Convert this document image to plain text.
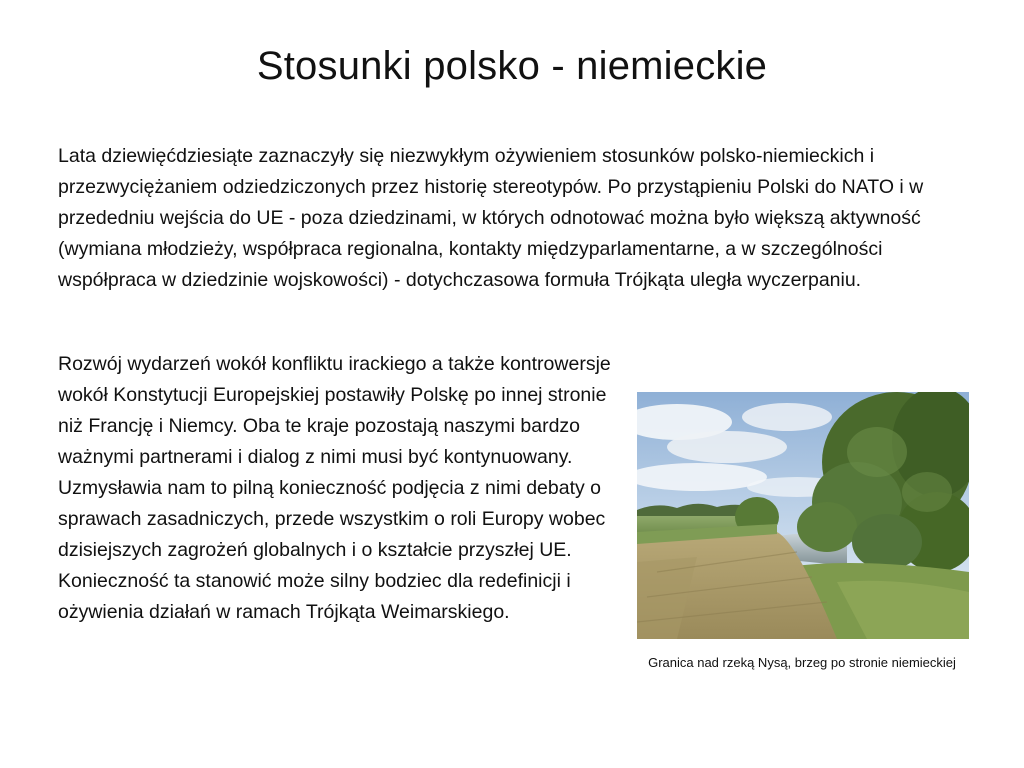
Stosunki polsko - niemieckie

Lata dziewięćdziesiąte zaznaczyły się niezwykłym ożywieniem stosunków polsko-niemieckich i przezwyciężaniem odziedziczonych przez historię stereotypów. Po przystąpieniu Polski do NATO i w przededniu wejścia do UE - poza dziedzinami, w których odnotować można było większą aktywność (wymiana młodzieży, współpraca regionalna, kontakty międzyparlamentarne, a w szczególności współpraca w dziedzinie wojskowości) - dotychczasowa formuła Trójkąta uległa wyczerpaniu.

Rozwój wydarzeń wokół konfliktu irackiego a także kontrowersje wokół Konstytucji Europejskiej postawiły Polskę po innej stronie niż Francję i Niemcy. Oba te kraje pozostają naszymi bardzo ważnymi partnerami i dialog z nimi musi być kontynuowany. Uzmysławia nam to pilną konieczność podjęcia z nimi debaty o sprawach zasadniczych, przede wszystkim o roli Europy wobec dzisiejszych zagrożeń globalnych i o kształcie przyszłej UE. Konieczność ta stanowić może silny bodziec dla redefinicji i ożywienia działań w ramach Trójkąta Weimarskiego.

Granica nad rzeką Nysą, brzeg po stronie niemieckiej
